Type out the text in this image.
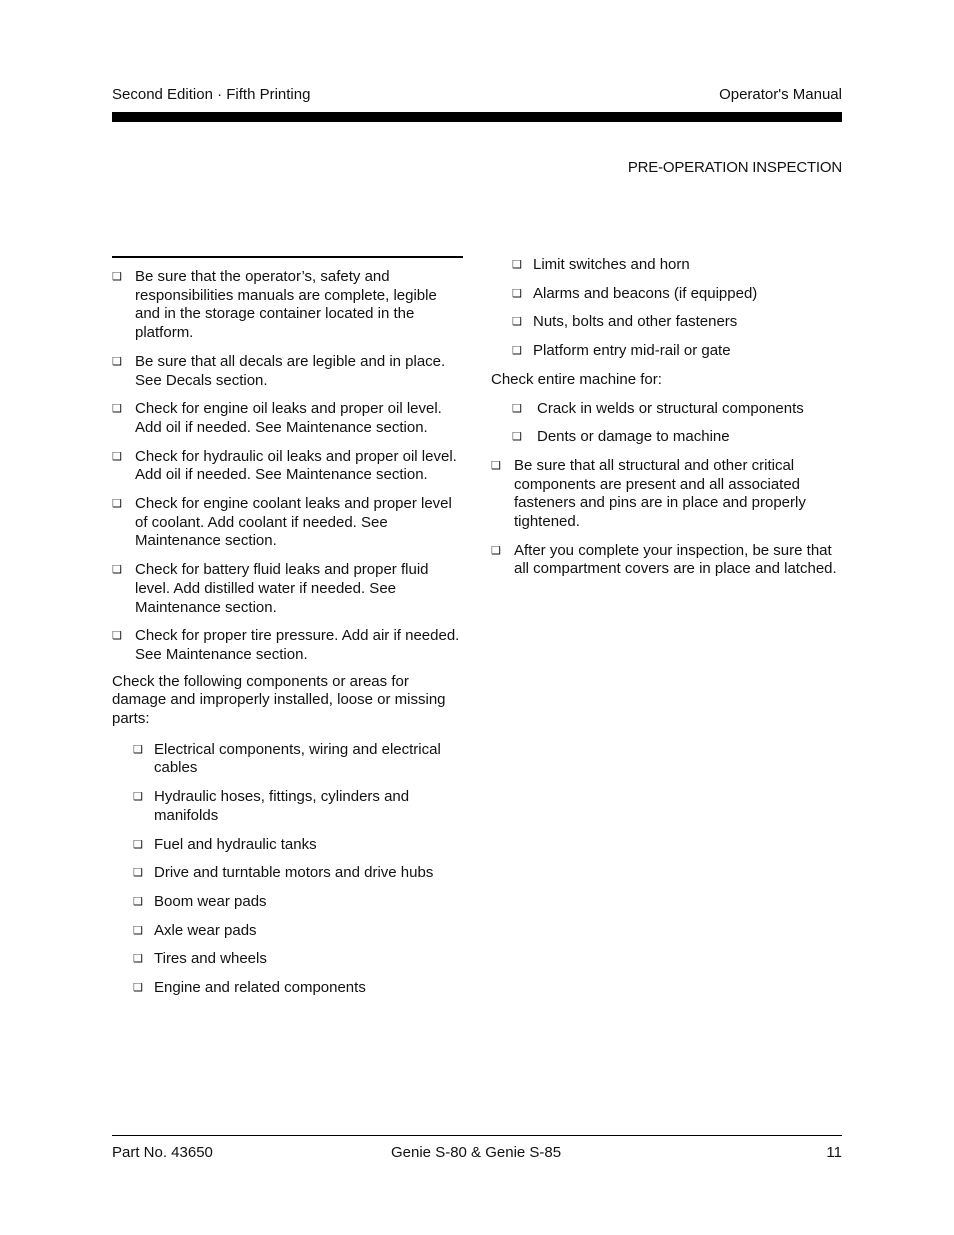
Second Edition · Fifth Printing	Operator's Manual
PRE-OPERATION INSPECTION
❑ Be sure that the operator’s, safety and responsibilities manuals are complete, legible and in the storage container located in the platform.
❑ Be sure that all decals are legible and in place. See Decals section.
❑ Check for engine oil leaks and proper oil level. Add oil if needed. See Maintenance section.
❑ Check for hydraulic oil leaks and proper oil level. Add oil if needed. See Maintenance section.
❑ Check for engine coolant leaks and proper level of coolant. Add coolant if needed. See Maintenance section.
❑ Check for battery fluid leaks and proper fluid level. Add distilled water if needed. See Maintenance section.
❑ Check for proper tire pressure. Add air if needed. See Maintenance section.
Check the following components or areas for damage and improperly installed, loose or missing parts:
❑ Electrical components, wiring and electrical cables
❑ Hydraulic hoses, fittings, cylinders and manifolds
❑ Fuel and hydraulic tanks
❑ Drive and turntable motors and drive hubs
❑ Boom wear pads
❑ Axle wear pads
❑ Tires and wheels
❑ Engine and related components
❑ Limit switches and horn
❑ Alarms and beacons (if equipped)
❑ Nuts, bolts and other fasteners
❑ Platform entry mid-rail or gate
Check entire machine for:
❑ Crack in welds or structural components
❑ Dents or damage to machine
❑ Be sure that all structural and other critical components are present and all associated fasteners and pins are in place and properly tightened.
❑ After you complete your inspection, be sure that all compartment covers are in place and latched.
Part No. 43650	Genie S-80 & Genie S-85	11
